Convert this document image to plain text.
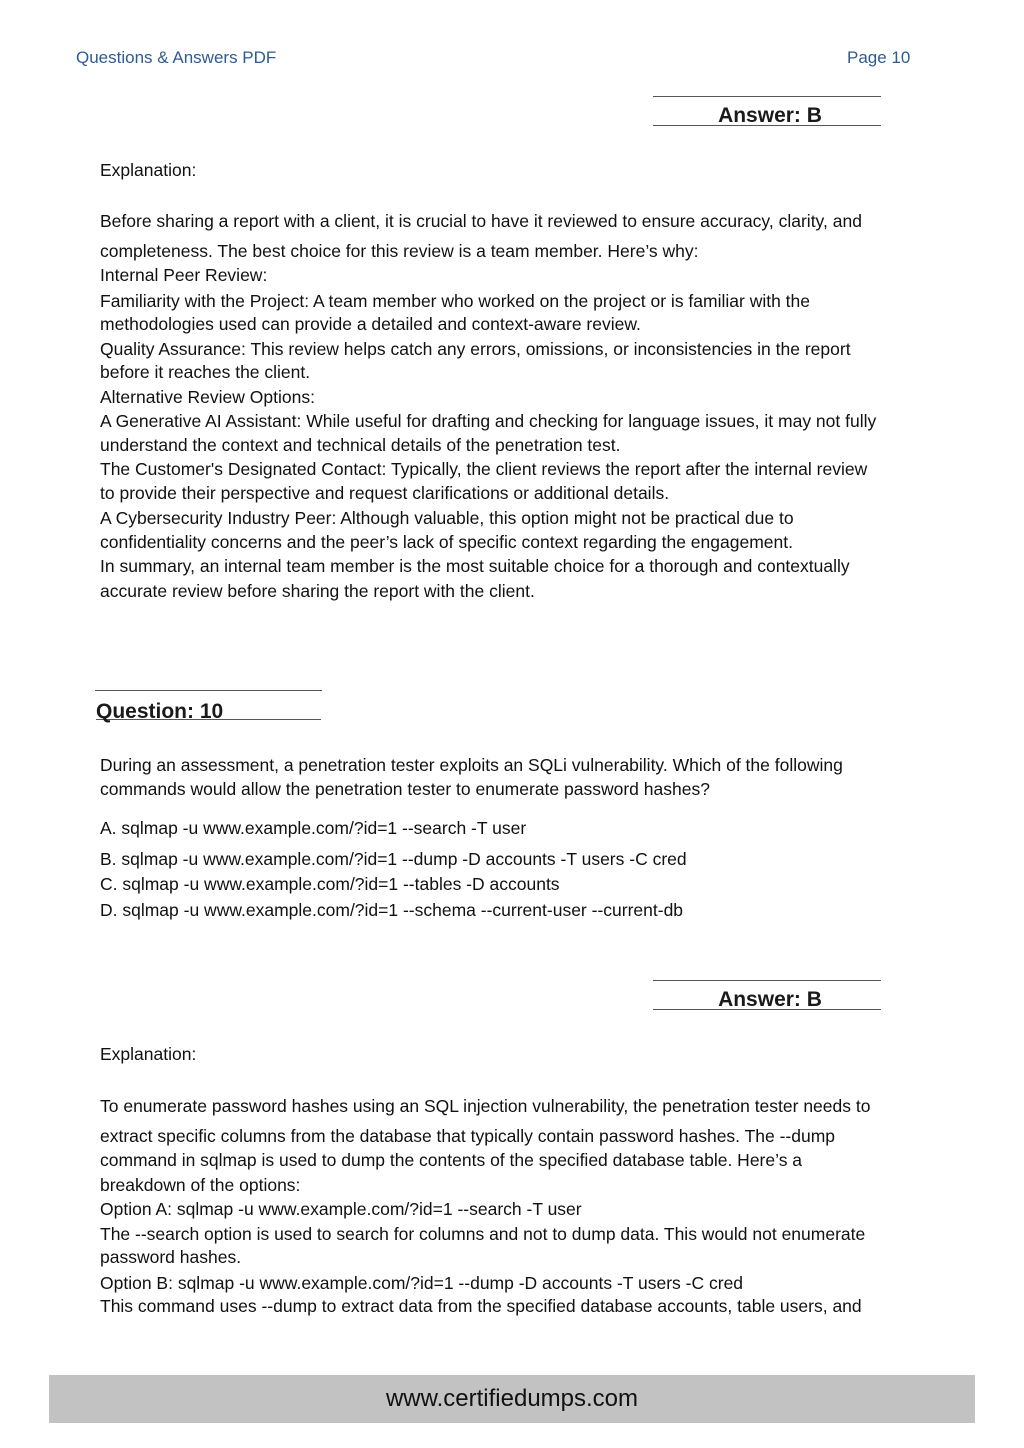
Questions & Answers PDF	Page 10
Answer: B
Explanation:
Before sharing a report with a client, it is crucial to have it reviewed to ensure accuracy, clarity, and
completeness. The best choice for this review is a team member. Here’s why:
Internal Peer Review:
Familiarity with the Project: A team member who worked on the project or is familiar with the
methodologies used can provide a detailed and context-aware review.
Quality Assurance: This review helps catch any errors, omissions, or inconsistencies in the report
before it reaches the client.
Alternative Review Options:
A Generative AI Assistant: While useful for drafting and checking for language issues, it may not fully
understand the context and technical details of the penetration test.
The Customer's Designated Contact: Typically, the client reviews the report after the internal review
to provide their perspective and request clarifications or additional details.
A Cybersecurity Industry Peer: Although valuable, this option might not be practical due to
confidentiality concerns and the peer’s lack of specific context regarding the engagement.
In summary, an internal team member is the most suitable choice for a thorough and contextually
accurate review before sharing the report with the client.
Question: 10
During an assessment, a penetration tester exploits an SQLi vulnerability. Which of the following
commands would allow the penetration tester to enumerate password hashes?
A. sqlmap -u www.example.com/?id=1 --search -T user
B. sqlmap -u www.example.com/?id=1 --dump -D accounts -T users -C cred
C. sqlmap -u www.example.com/?id=1 --tables -D accounts
D. sqlmap -u www.example.com/?id=1 --schema --current-user --current-db
Answer: B
Explanation:
To enumerate password hashes using an SQL injection vulnerability, the penetration tester needs to
extract specific columns from the database that typically contain password hashes. The --dump
command in sqlmap is used to dump the contents of the specified database table. Here’s a
breakdown of the options:
Option A: sqlmap -u www.example.com/?id=1 --search -T user
The --search option is used to search for columns and not to dump data. This would not enumerate
password hashes.
Option B: sqlmap -u www.example.com/?id=1 --dump -D accounts -T users -C cred
This command uses --dump to extract data from the specified database accounts, table users, and
www.certifiedumps.com
